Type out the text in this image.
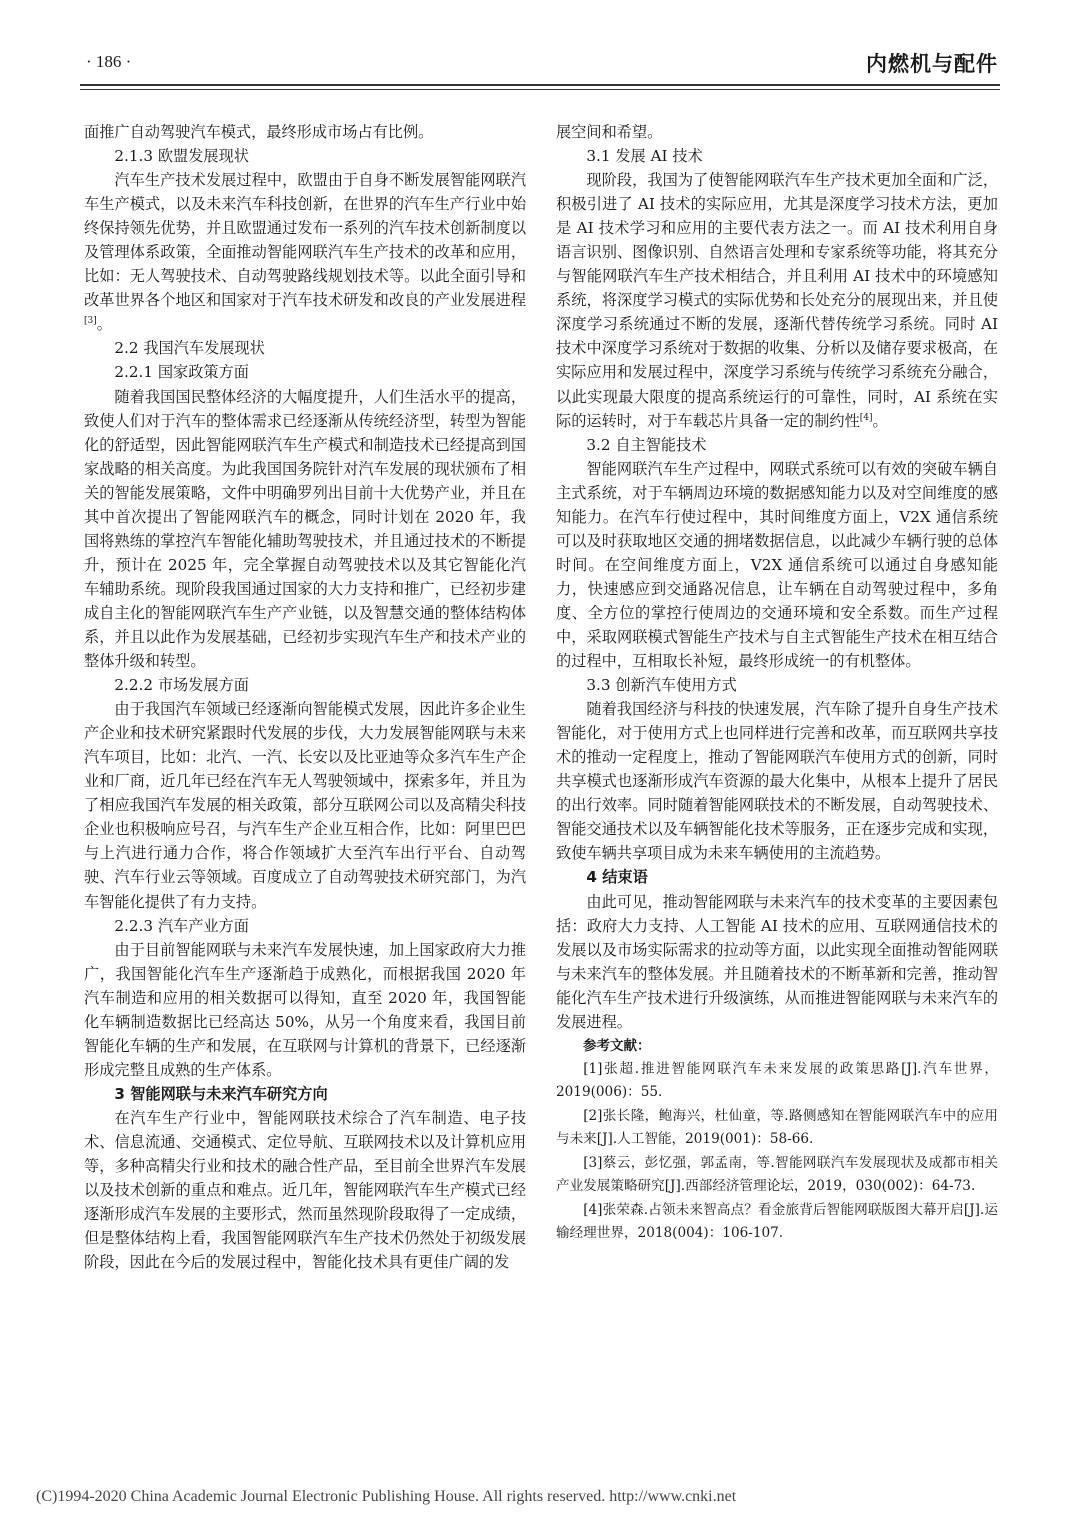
· 186 ·	内燃机与配件

面推广自动驾驶汽车模式，最终形成市场占有比例。

2.1.3 欧盟发展现状

汽车生产技术发展过程中，欧盟由于自身不断发展智能网联汽车生产模式，以及未来汽车科技创新，在世界的汽车生产行业中始终保持领先优势，并且欧盟通过发布一系列的汽车技术创新制度以及管理体系政策，全面推动智能网联汽车生产技术的改革和应用，比如：无人驾驶技术、自动驾驶路线规划技术等。以此全面引导和改革世界各个地区和国家对于汽车技术研发和改良的产业发展进程[3]。

2.2 我国汽车发展现状
2.2.1 国家政策方面

随着我国国民整体经济的大幅度提升，人们生活水平的提高，致使人们对于汽车的整体需求已经逐渐从传统经济型，转型为智能化的舒适型，因此智能网联汽车生产模式和制造技术已经提高到国家战略的相关高度。为此我国国务院针对汽车发展的现状颁布了相关的智能发展策略，文件中明确罗列出目前十大优势产业，并且在其中首次提出了智能网联汽车的概念，同时计划在 2020 年，我国将熟练的掌控汽车智能化辅助驾驶技术，并且通过技术的不断提升，预计在 2025 年，完全掌握自动驾驶技术以及其它智能化汽车辅助系统。现阶段我国通过国家的大力支持和推广，已经初步建成自主化的智能网联汽车生产产业链，以及智慧交通的整体结构体系，并且以此作为发展基础，已经初步实现汽车生产和技术产业的整体升级和转型。

2.2.2 市场发展方面

由于我国汽车领域已经逐渐向智能模式发展，因此许多企业生产企业和技术研究紧跟时代发展的步伐，大力发展智能网联与未来汽车项目，比如：北汽、一汽、长安以及比亚迪等众多汽车生产企业和厂商，近几年已经在汽车无人驾驶领域中，探索多年，并且为了相应我国汽车发展的相关政策，部分互联网公司以及高精尖科技企业也积极响应号召，与汽车生产企业互相合作，比如：阿里巴巴与上汽进行通力合作，将合作领域扩大至汽车出行平台、自动驾驶、汽车行业云等领域。百度成立了自动驾驶技术研究部门，为汽车智能化提供了有力支持。

2.2.3 汽车产业方面

由于目前智能网联与未来汽车发展快速，加上国家政府大力推广，我国智能化汽车生产逐渐趋于成熟化，而根据我国 2020 年汽车制造和应用的相关数据可以得知，直至 2020 年，我国智能化车辆制造数据比已经高达 50%，从另一个角度来看，我国目前智能化车辆的生产和发展，在互联网与计算机的背景下，已经逐渐形成完整且成熟的生产体系。

3 智能网联与未来汽车研究方向

在汽车生产行业中，智能网联技术综合了汽车制造、电子技术、信息流通、交通模式、定位导航、互联网技术以及计算机应用等，多种高精尖行业和技术的融合性产品，至目前全世界汽车发展以及技术创新的重点和难点。近几年，智能网联汽车生产模式已经逐渐形成汽车发展的主要形式，然而虽然现阶段取得了一定成绩，但是整体结构上看，我国智能网联汽车生产技术仍然处于初级发展阶段，因此在今后的发展过程中，智能化技术具有更佳广阔的发

展空间和希望。

3.1 发展 AI 技术

现阶段，我国为了使智能网联汽车生产技术更加全面和广泛，积极引进了 AI 技术的实际应用，尤其是深度学习技术方法，更加是 AI 技术学习和应用的主要代表方法之一。而 AI 技术利用自身语言识别、图像识别、自然语言处理和专家系统等功能，将其充分与智能网联汽车生产技术相结合，并且利用 AI 技术中的环境感知系统，将深度学习模式的实际优势和长处充分的展现出来，并且使深度学习系统通过不断的发展，逐渐代替传统学习系统。同时 AI 技术中深度学习系统对于数据的收集、分析以及储存要求极高，在实际应用和发展过程中，深度学习系统与传统学习系统充分融合，以此实现最大限度的提高系统运行的可靠性，同时，AI 系统在实际的运转时，对于车载芯片具备一定的制约性[4]。

3.2 自主智能技术

智能网联汽车生产过程中，网联式系统可以有效的突破车辆自主式系统，对于车辆周边环境的数据感知能力以及对空间维度的感知能力。在汽车行使过程中，其时间维度方面上，V2X 通信系统可以及时获取地区交通的拥堵数据信息，以此减少车辆行驶的总体时间。在空间维度方面上，V2X 通信系统可以通过自身感知能力，快速感应到交通路况信息，让车辆在自动驾驶过程中，多角度、全方位的掌控行使周边的交通环境和安全系数。而生产过程中，采取网联模式智能生产技术与自主式智能生产技术在相互结合的过程中，互相取长补短，最终形成统一的有机整体。

3.3 创新汽车使用方式

随着我国经济与科技的快速发展，汽车除了提升自身生产技术智能化，对于使用方式上也同样进行完善和改革，而互联网共享技术的推动一定程度上，推动了智能网联汽车使用方式的创新，同时共享模式也逐渐形成汽车资源的最大化集中，从根本上提升了居民的出行效率。同时随着智能网联技术的不断发展，自动驾驶技术、智能交通技术以及车辆智能化技术等服务，正在逐步完成和实现，致使车辆共享项目成为未来车辆使用的主流趋势。

4 结束语

由此可见，推动智能网联与未来汽车的技术变革的主要因素包括：政府大力支持、人工智能 AI 技术的应用、互联网通信技术的发展以及市场实际需求的拉动等方面，以此实现全面推动智能网联与未来汽车的整体发展。并且随着技术的不断革新和完善，推动智能化汽车生产技术进行升级演练，从而推进智能网联与未来汽车的发展进程。

参考文献：

[1]张超.推进智能网联汽车未来发展的政策思路[J].汽车世界，2019(006)：55.

[2]张长隆，鲍海兴，杜仙童，等.路侧感知在智能网联汽车中的应用与未来[J].人工智能，2019(001)：58-66.

[3]蔡云，彭忆强，郭孟南，等.智能网联汽车发展现状及成都市相关产业发展策略研究[J].西部经济管理论坛，2019，030(002)：64-73.

[4]张荣森.占领未来智高点？看金旅背后智能网联版图大幕开启[J].运输经理世界，2018(004)：106-107.

(C)1994-2020 China Academic Journal Electronic Publishing House. All rights reserved. http://www.cnki.net
